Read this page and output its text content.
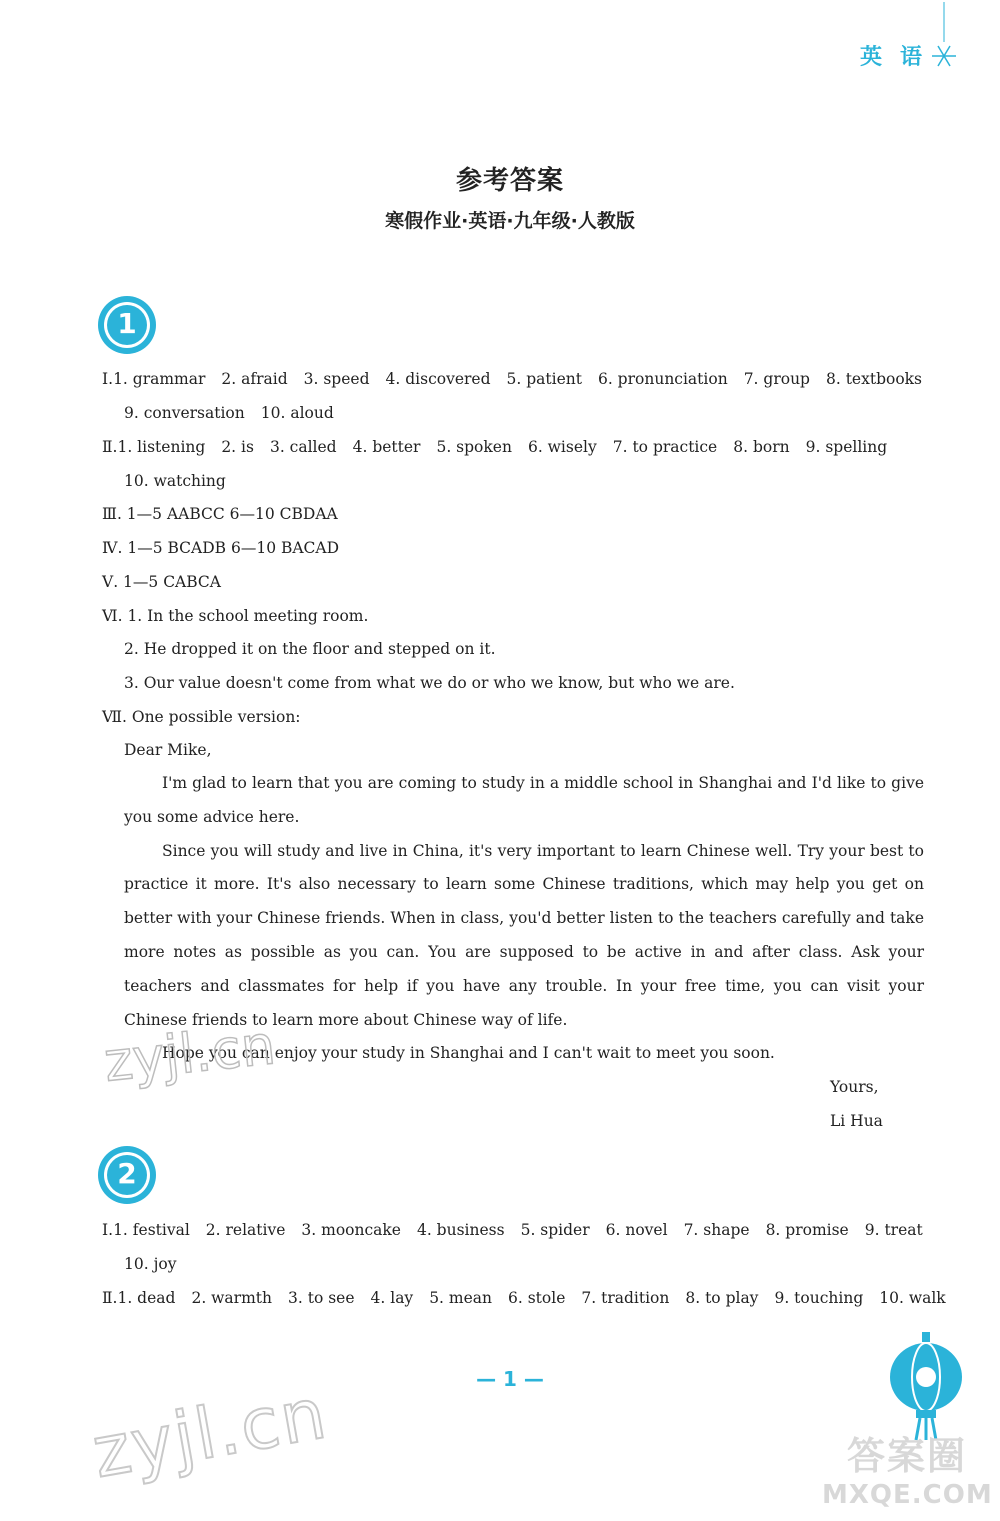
英语
参考答案
寒假作业·英语·九年级·人教版
1
Ⅰ.1. grammar 2. afraid 3. speed 4. discovered 5. patient 6. pronunciation 7. group 8. textbooks
9. conversation 10. aloud
Ⅱ.1. listening 2. is 3. called 4. better 5. spoken 6. wisely 7. to practice 8. born 9. spelling
10. watching
Ⅲ. 1—5 AABCC 6—10 CBDAA
Ⅳ. 1—5 BCADB 6—10 BACAD
Ⅴ. 1—5 CABCA
Ⅵ. 1. In the school meeting room.
2. He dropped it on the floor and stepped on it.
3. Our value doesn't come from what we do or who we know, but who we are.
Ⅶ. One possible version:
Dear Mike,
I'm glad to learn that you are coming to study in a middle school in Shanghai and I'd like to give you some advice here.
Since you will study and live in China, it's very important to learn Chinese well. Try your best to practice it more. It's also necessary to learn some Chinese traditions, which may help you get on better with your Chinese friends. When in class, you'd better listen to the teachers carefully and take more notes as possible as you can. You are supposed to be active in and after class. Ask your teachers and classmates for help if you have any trouble. In your free time, you can visit your Chinese friends to learn more about Chinese way of life.
Hope you can enjoy your study in Shanghai and I can't wait to meet you soon.
Yours,
Li Hua
2
Ⅰ.1. festival 2. relative 3. mooncake 4. business 5. spider 6. novel 7. shape 8. promise 9. treat
10. joy
Ⅱ.1. dead 2. warmth 3. to see 4. lay 5. mean 6. stole 7. tradition 8. to play 9. touching 10. walk
— 1 —
zyjl.cn
zyjl.cn	答案圈
MXQE.COM
